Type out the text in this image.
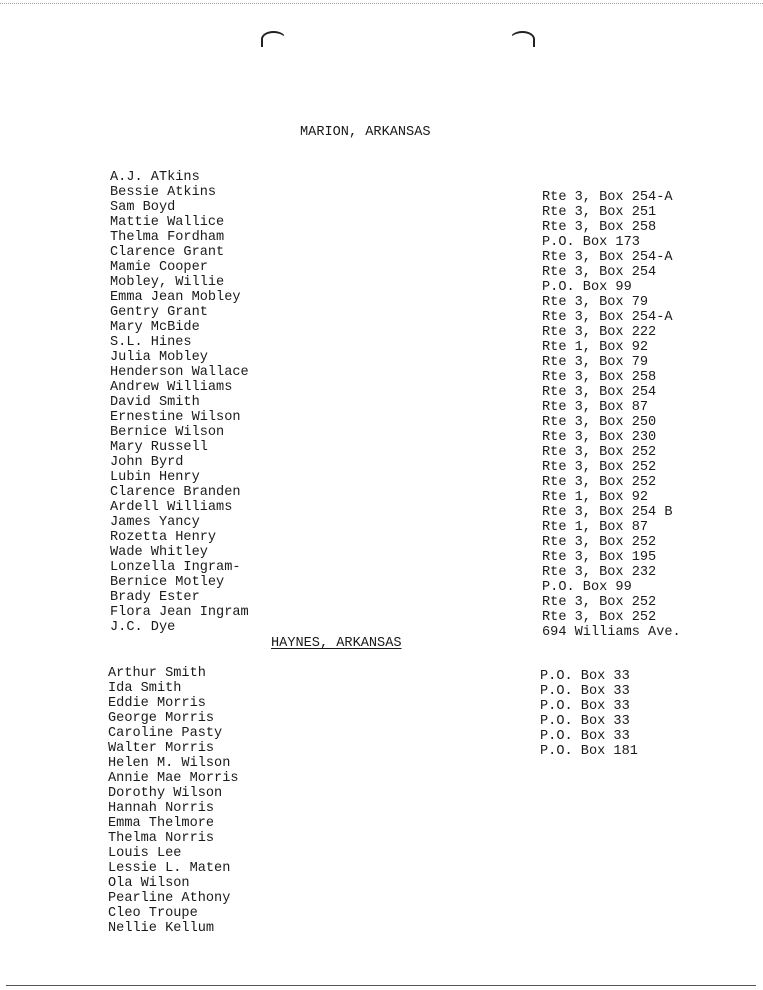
MARION, ARKANSAS
A.J. ATkins
Bessie Atkins
Sam Boyd
Mattie Wallice
Thelma Fordham
Clarence Grant
Mamie Cooper
Mobley, Willie
Emma Jean Mobley
Gentry Grant
Mary McBide
S.L. Hines
Julia Mobley
Henderson Wallace
Andrew Williams
David Smith
Ernestine Wilson
Bernice Wilson
Mary Russell
John Byrd
Lubin Henry
Clarence Branden
Ardell Williams
James Yancy
Rozetta Henry
Wade Whitley
Lonzella Ingram-
Bernice Motley
Brady Ester
Flora Jean Ingram
J.C. Dye
Rte 3, Box 254-A
Rte 3, Box 251
Rte 3, Box 258
P.O. Box 173
Rte 3, Box 254-A
Rte 3, Box 254
P.O. Box 99
Rte 3, Box 79
Rte 3, Box 254-A
Rte 3, Box 222
Rte 1, Box 92
Rte 3, Box 79
Rte 3, Box 258
Rte 3, Box 254
Rte 3, Box 87
Rte 3, Box 250
Rte 3, Box 230
Rte 3, Box 252
Rte 3, Box 252
Rte 3, Box 252
Rte 1, Box 92
Rte 3, Box 254 B
Rte 1, Box 87
Rte 3, Box 252
Rte 3, Box 195
Rte 3, Box 232
P.O. Box 99
Rte 3, Box 252
Rte 3, Box 252
694 Williams Ave.
HAYNES, ARKANSAS
Arthur Smith
Ida Smith
Eddie Morris
George Morris
Caroline Pasty
Walter Morris
Helen M. Wilson
Annie Mae Morris
Dorothy Wilson
Hannah Norris
Emma Thelmore
Thelma Norris
Louis Lee
Lessie L. Maten
Ola Wilson
Pearline Athony
Cleo Troupe
Nellie Kellum
P.O. Box 33
P.O. Box 33
P.O. Box 33
P.O. Box 33
P.O. Box 33
P.O. Box 181
